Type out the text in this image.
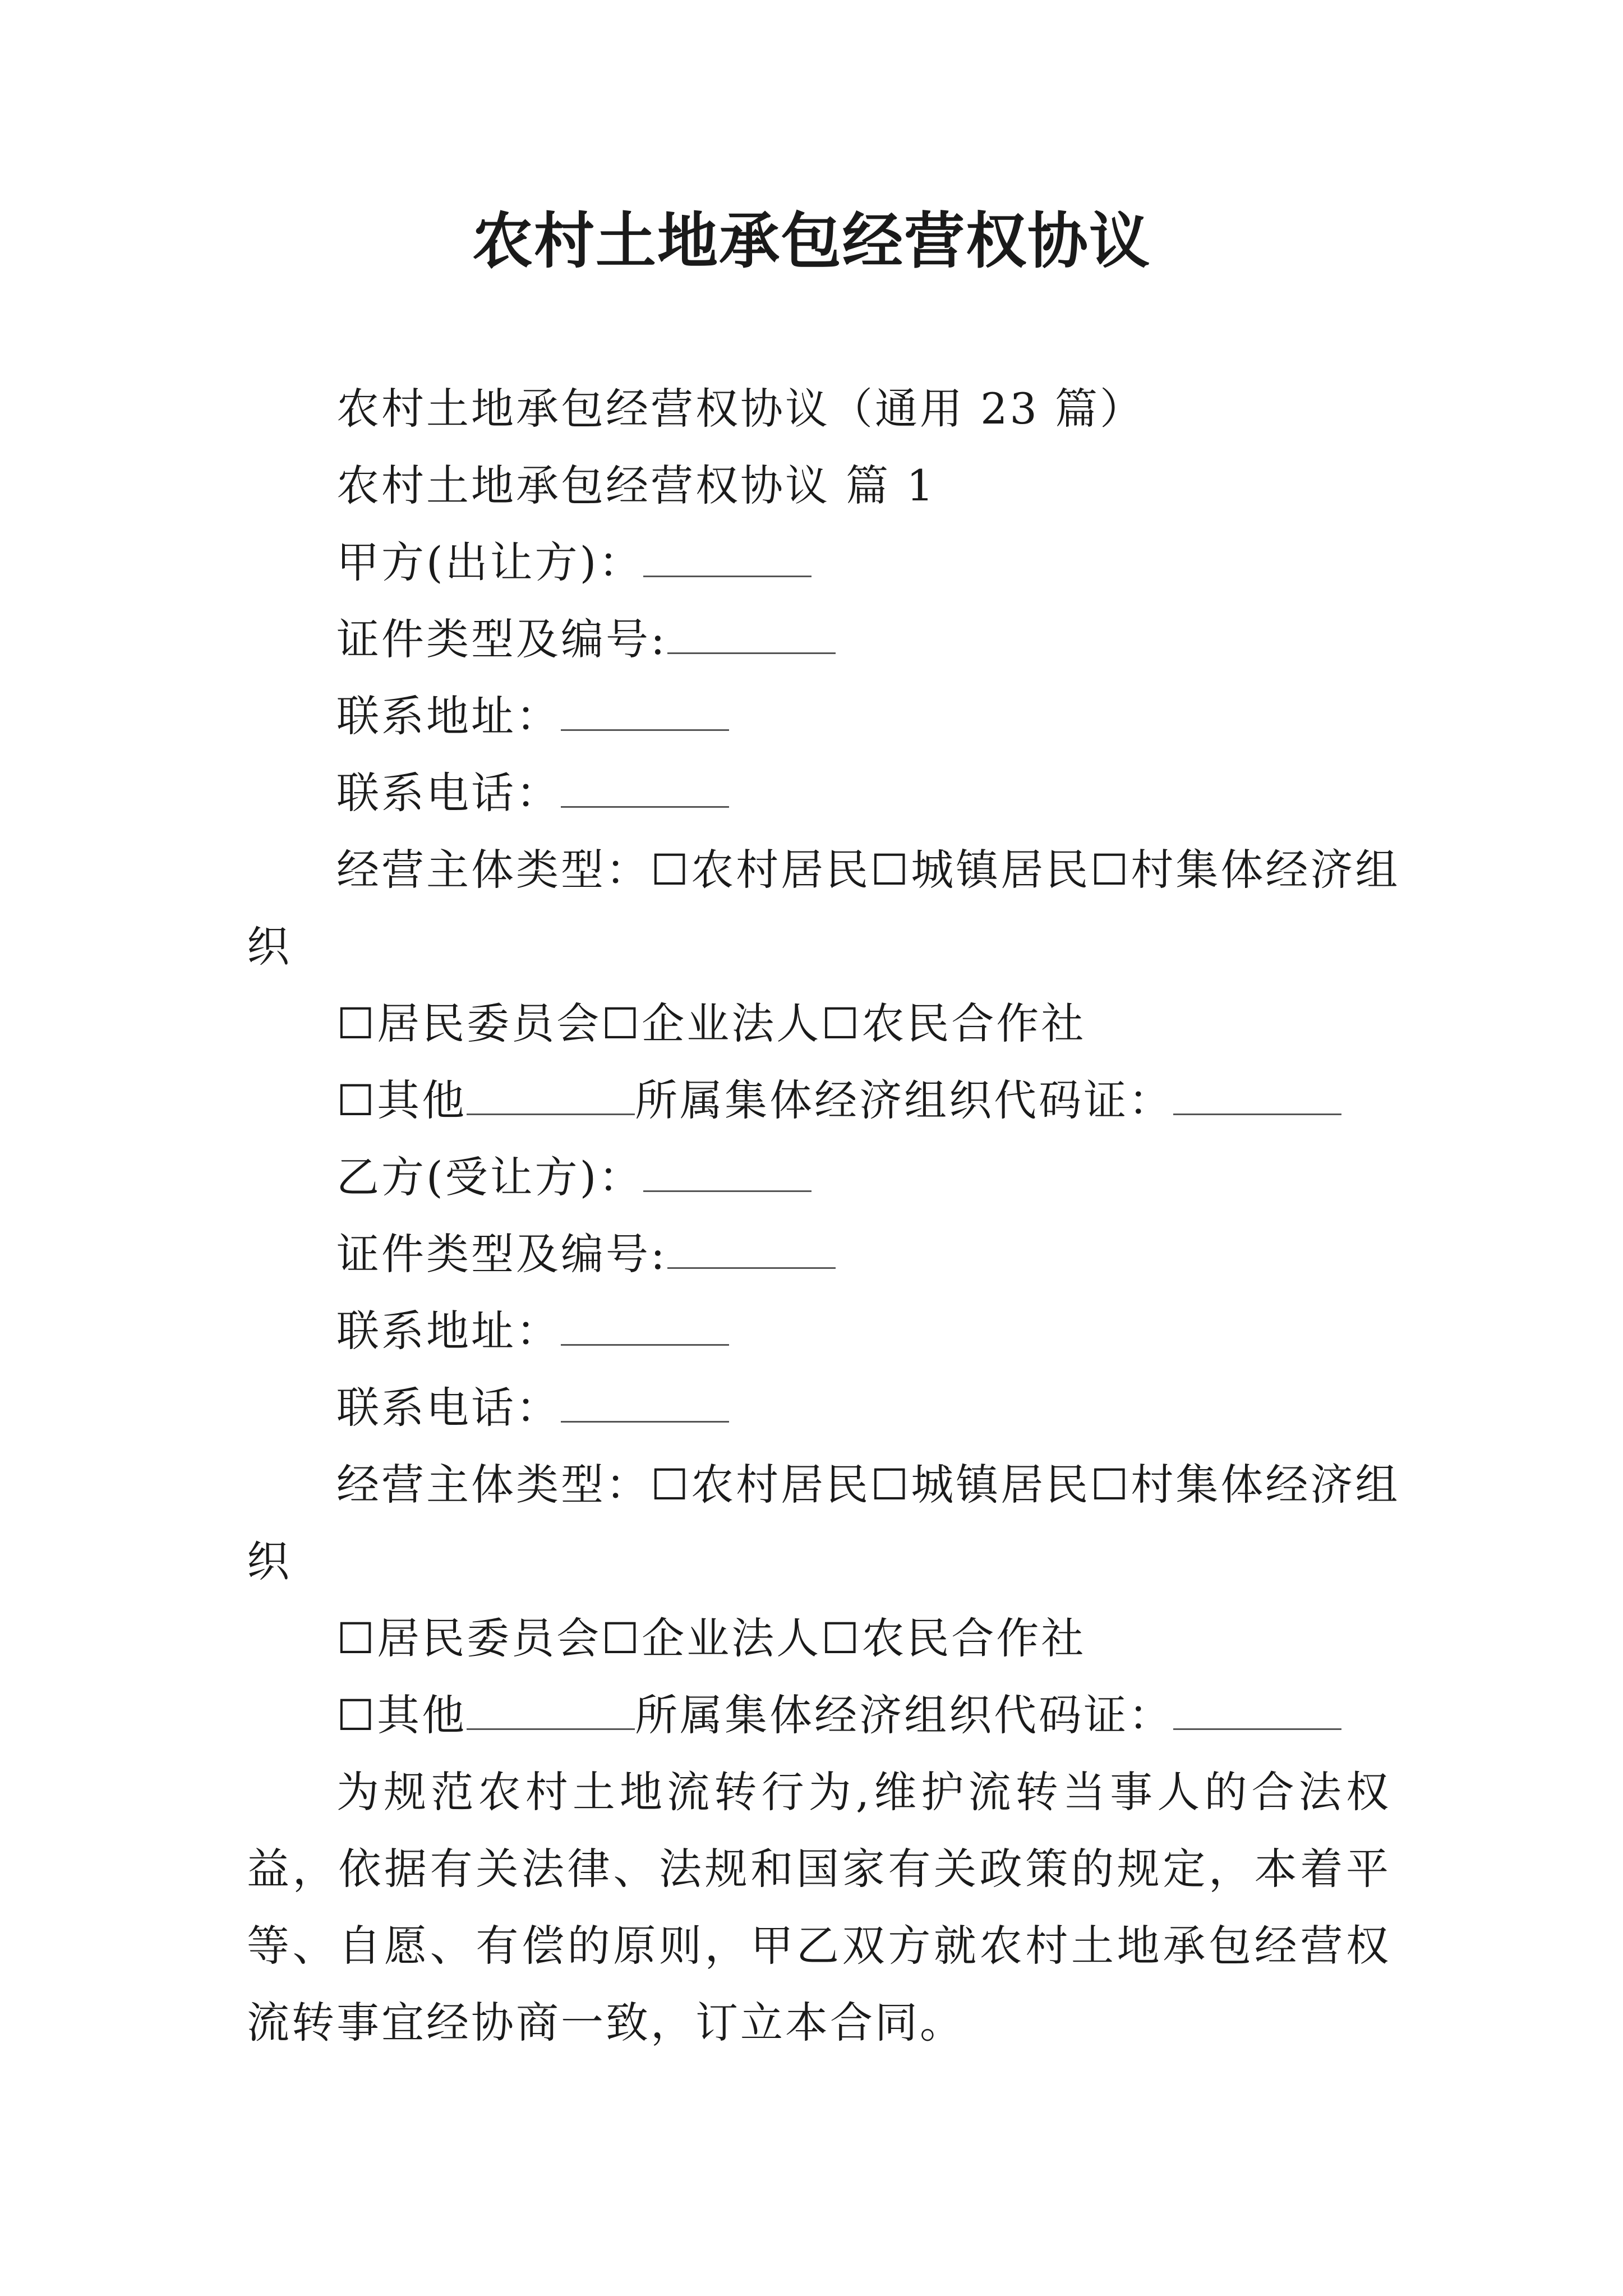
农村土地承包经营权协议

农村土地承包经营权协议（通用 23 篇）

农村土地承包经营权协议 篇 1

甲方(出让方)：

证件类型及编号:

联系地址：

联系电话：

经营主体类型：☐农村居民☐城镇居民☐村集体经济组

织

☐居民委员会☐企业法人☐农民合作社

☐其他	所属集体经济组织代码证：

乙方(受让方)：

证件类型及编号:

联系地址：

联系电话：

经营主体类型：☐农村居民☐城镇居民☐村集体经济组

织

☐居民委员会☐企业法人☐农民合作社

☐其他	所属集体经济组织代码证：

为规范农村土地流转行为,维护流转当事人的合法权益，依据有关法律、法规和国家有关政策的规定，本着平等、自愿、有偿的原则，甲乙双方就农村土地承包经营权流转事宜经协商一致，订立本合同。
